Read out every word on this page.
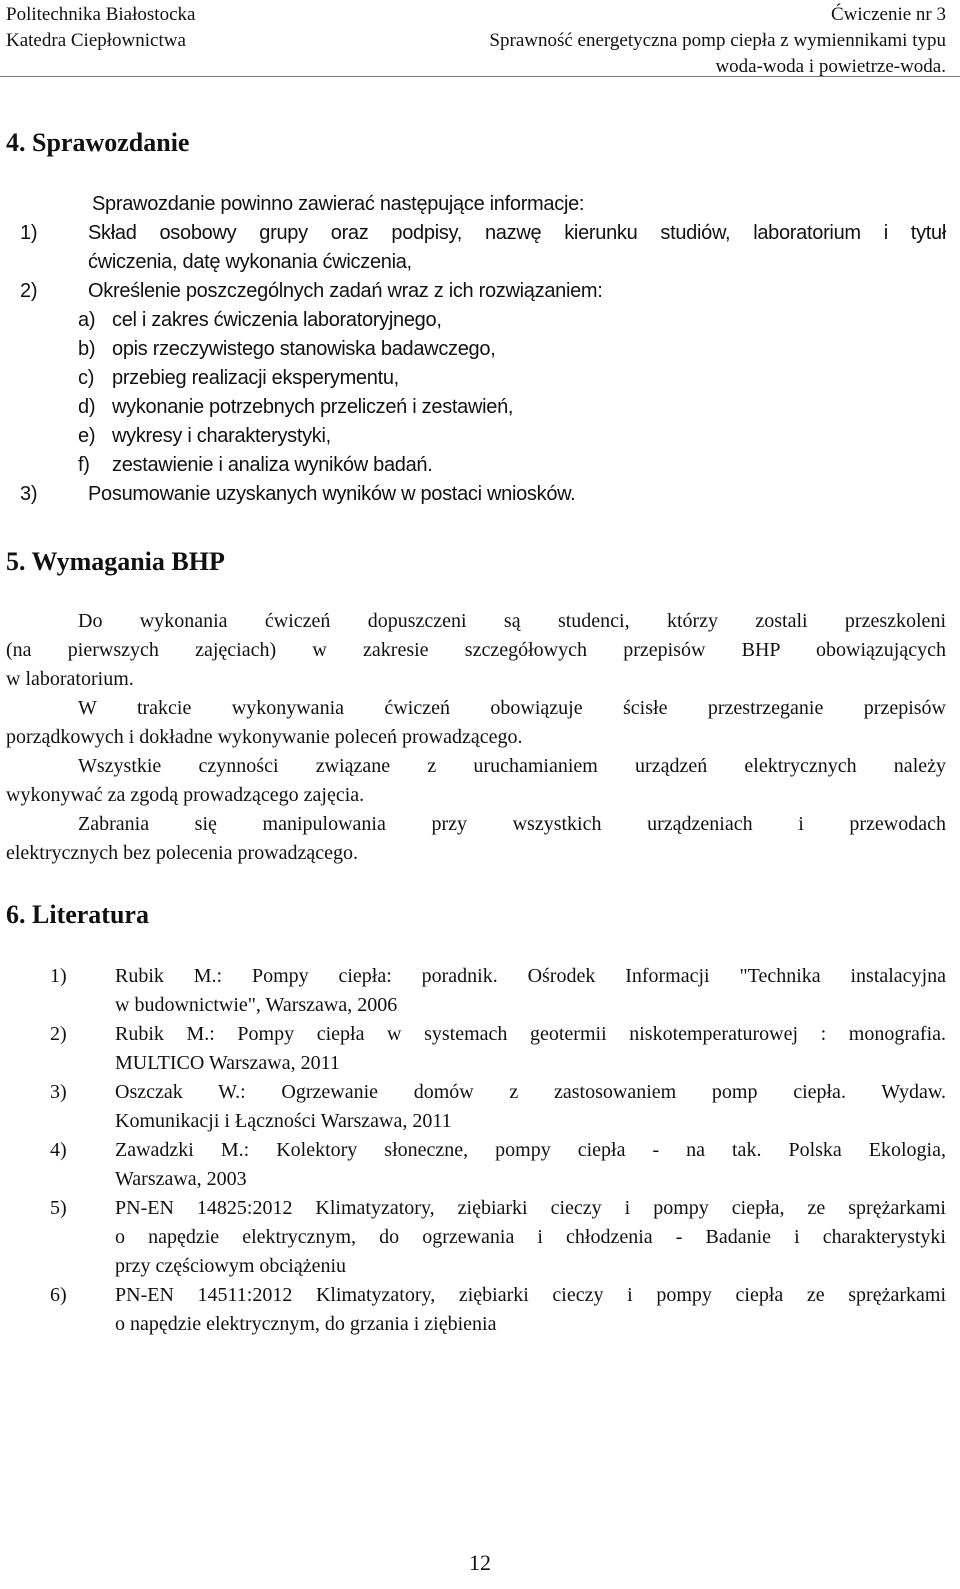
Politechnika Białostocka
Katedra Ciepłownictwa
Ćwiczenie nr 3
Sprawność energetyczna pomp ciepła z wymiennikami typu
woda-woda i powietrze-woda.
4. Sprawozdanie
Sprawozdanie powinno zawierać następujące informacje:
1)	Skład osobowy grupy oraz podpisy, nazwę kierunku studiów, laboratorium i tytuł
ćwiczenia, datę wykonania ćwiczenia,
2)	Określenie poszczególnych zadań wraz z ich rozwiązaniem:
a) cel i zakres ćwiczenia laboratoryjnego,
b) opis rzeczywistego stanowiska badawczego,
c) przebieg realizacji eksperymentu,
d) wykonanie potrzebnych przeliczeń i zestawień,
e) wykresy i charakterystyki,
f) zestawienie i analiza wyników badań.
3)	Posumowanie uzyskanych wyników w postaci wniosków.
5. Wymagania BHP
Do wykonania ćwiczeń dopuszczeni są studenci, którzy zostali przeszkoleni
(na pierwszych zajęciach) w zakresie szczegółowych przepisów BHP obowiązujących
w laboratorium.
W trakcie wykonywania ćwiczeń obowiązuje ścisłe przestrzeganie przepisów
porządkowych i dokładne wykonywanie poleceń prowadzącego.
Wszystkie czynności związane z uruchamianiem urządzeń elektrycznych należy
wykonywać za zgodą prowadzącego zajęcia.
Zabrania się manipulowania przy wszystkich urządzeniach i przewodach
elektrycznych bez polecenia prowadzącego.
6. Literatura
1) Rubik M.: Pompy ciepła: poradnik. Ośrodek Informacji "Technika instalacyjna
w budownictwie", Warszawa, 2006
2) Rubik M.: Pompy ciepła w systemach geotermii niskotemperaturowej : monografia.
MULTICO Warszawa, 2011
3) Oszczak W.: Ogrzewanie domów z zastosowaniem pomp ciepła. Wydaw.
Komunikacji i Łączności Warszawa, 2011
4) Zawadzki M.: Kolektory słoneczne, pompy ciepła - na tak. Polska Ekologia,
Warszawa, 2003
5) PN-EN 14825:2012 Klimatyzatory, ziębiarki cieczy i pompy ciepła, ze sprężarkami
o napędzie elektrycznym, do ogrzewania i chłodzenia - Badanie i charakterystyki
przy częściowym obciążeniu
6) PN-EN 14511:2012 Klimatyzatory, ziębiarki cieczy i pompy ciepła ze sprężarkami
o napędzie elektrycznym, do grzania i ziębienia
12
